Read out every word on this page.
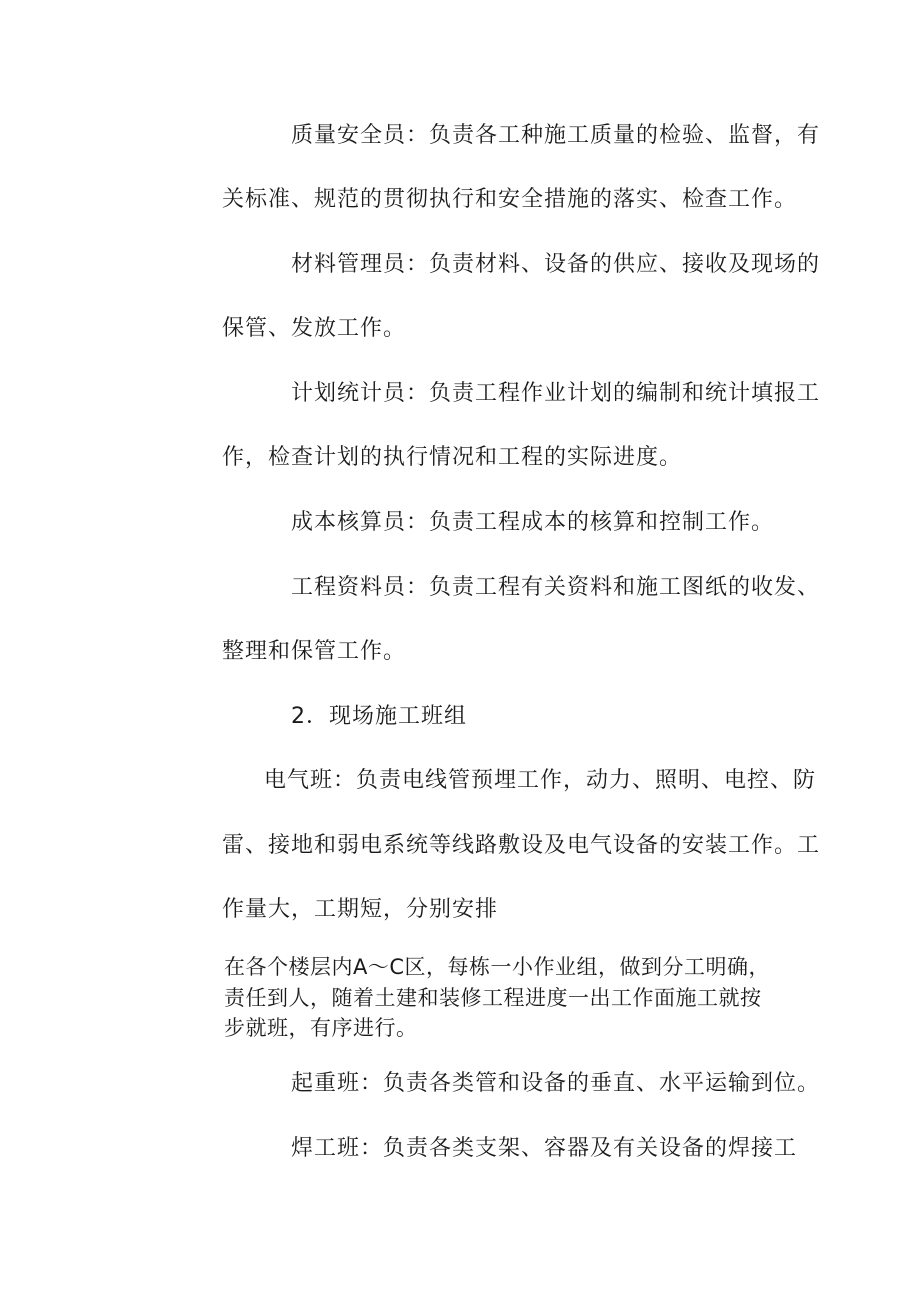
质量安全员：负责各工种施工质量的检验、监督，有
关标准、规范的贯彻执行和安全措施的落实、检查工作。
材料管理员：负责材料、设备的供应、接收及现场的
保管、发放工作。
计划统计员：负责工程作业计划的编制和统计填报工
作，检查计划的执行情况和工程的实际进度。
成本核算员：负责工程成本的核算和控制工作。
工程资料员：负责工程有关资料和施工图纸的收发、
整理和保管工作。
2．现场施工班组
电气班：负责电线管预埋工作，动力、照明、电控、防
雷、接地和弱电系统等线路敷设及电气设备的安装工作。工
作量大，工期短，分别安排
在各个楼层内A～C区，每栋一小作业组，做到分工明确，
责任到人，随着土建和装修工程进度一出工作面施工就按
步就班，有序进行。
起重班：负责各类管和设备的垂直、水平运输到位。
焊工班：负责各类支架、容器及有关设备的焊接工
